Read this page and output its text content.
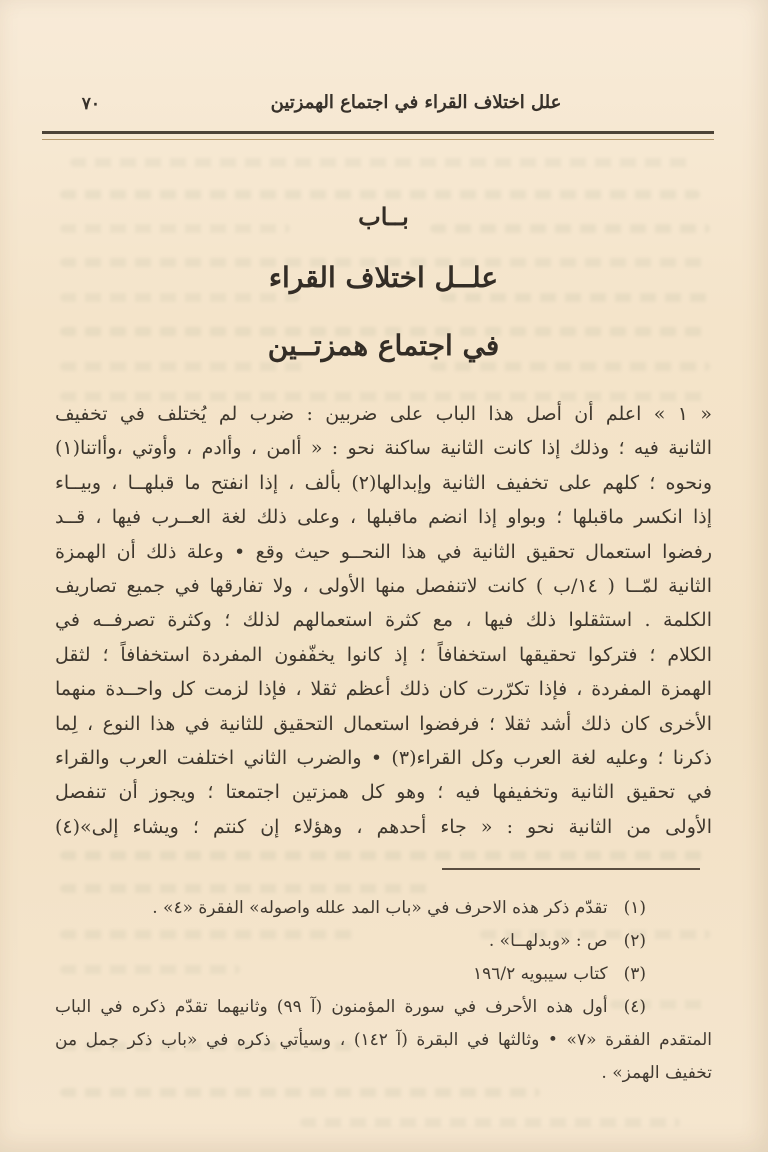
٧٠	علل اختلاف القراء في اجتماع الهمزتين
بــاب
علــل اختلاف القراء
في اجتماع همزتــين

« ١ » اعلم أن أصل هذا الباب على ضربين : ضرب لم يُختلف في تخفيف

الثانية فيه ؛ وذلك إذا كانت الثانية ساكنة نحو : « أامن ، وأادم ، وأوتي ،وأاتنا(١)

ونحوه ؛ كلهم على تخفيف الثانية وإبدالها(٢) بألف ، إذا انفتح ما قبلهــا ، وبيــاء

إذا انكسر ماقبلها ؛ وبواو إذا انضم ماقبلها ، وعلى ذلك لغة العــرب فيها ، قــد

رفضوا استعمال تحقيق الثانية في هذا النحــو حيث وقع • وعلة ذلك أن الهمزة

الثانية لمّــا ( ١٤/ب ) كانت لاتنفصل منها الأولى ، ولا تفارقها في جميع تصاريف

الكلمة . استثقلوا ذلك فيها ، مع كثرة استعمالهم لذلك ؛ وكثرة تصرفــه في

الكلام ؛ فتركوا تحقيقها استخفافاً ؛ إذ كانوا يخفّفون المفردة استخفافاً ؛ لثقل

الهمزة المفردة ، فإذا تكرّرت كان ذلك أعظم ثقلا ، فإذا لزمت كل واحــدة منهما

الأخرى كان ذلك أشد ثقلا ؛ فرفضوا استعمال التحقيق للثانية في هذا النوع ، لِما

ذكرنا ؛ وعليه لغة العرب وكل القراء(٣) • والضرب الثاني اختلفت العرب والقراء

في تحقيق الثانية وتخفيفها فيه ؛ وهو كل همزتين اجتمعتا ؛ ويجوز أن تنفصل

الأولى من الثانية نحو : « جاء أحدهم ، وهؤلاء إن كنتم ؛ ويشاء إلى»(٤)

(١)تقدّم ذكر هذه الاحرف في «باب المد علله واصوله» الفقرة «٤» .

(٢)ص : «وبدلهــا» .

(٣)كتاب سيبويه ١٩٦/٢

(٤)أول هذه الأحرف في سورة المؤمنون (آ ٩٩) وثانيهما تقدّم ذكره في الباب المتقدم الفقرة «٧» • وثالثها في البقرة (آ ١٤٢) ، وسيأتي ذكره في «باب ذكر جمل من تخفيف الهمز» .
